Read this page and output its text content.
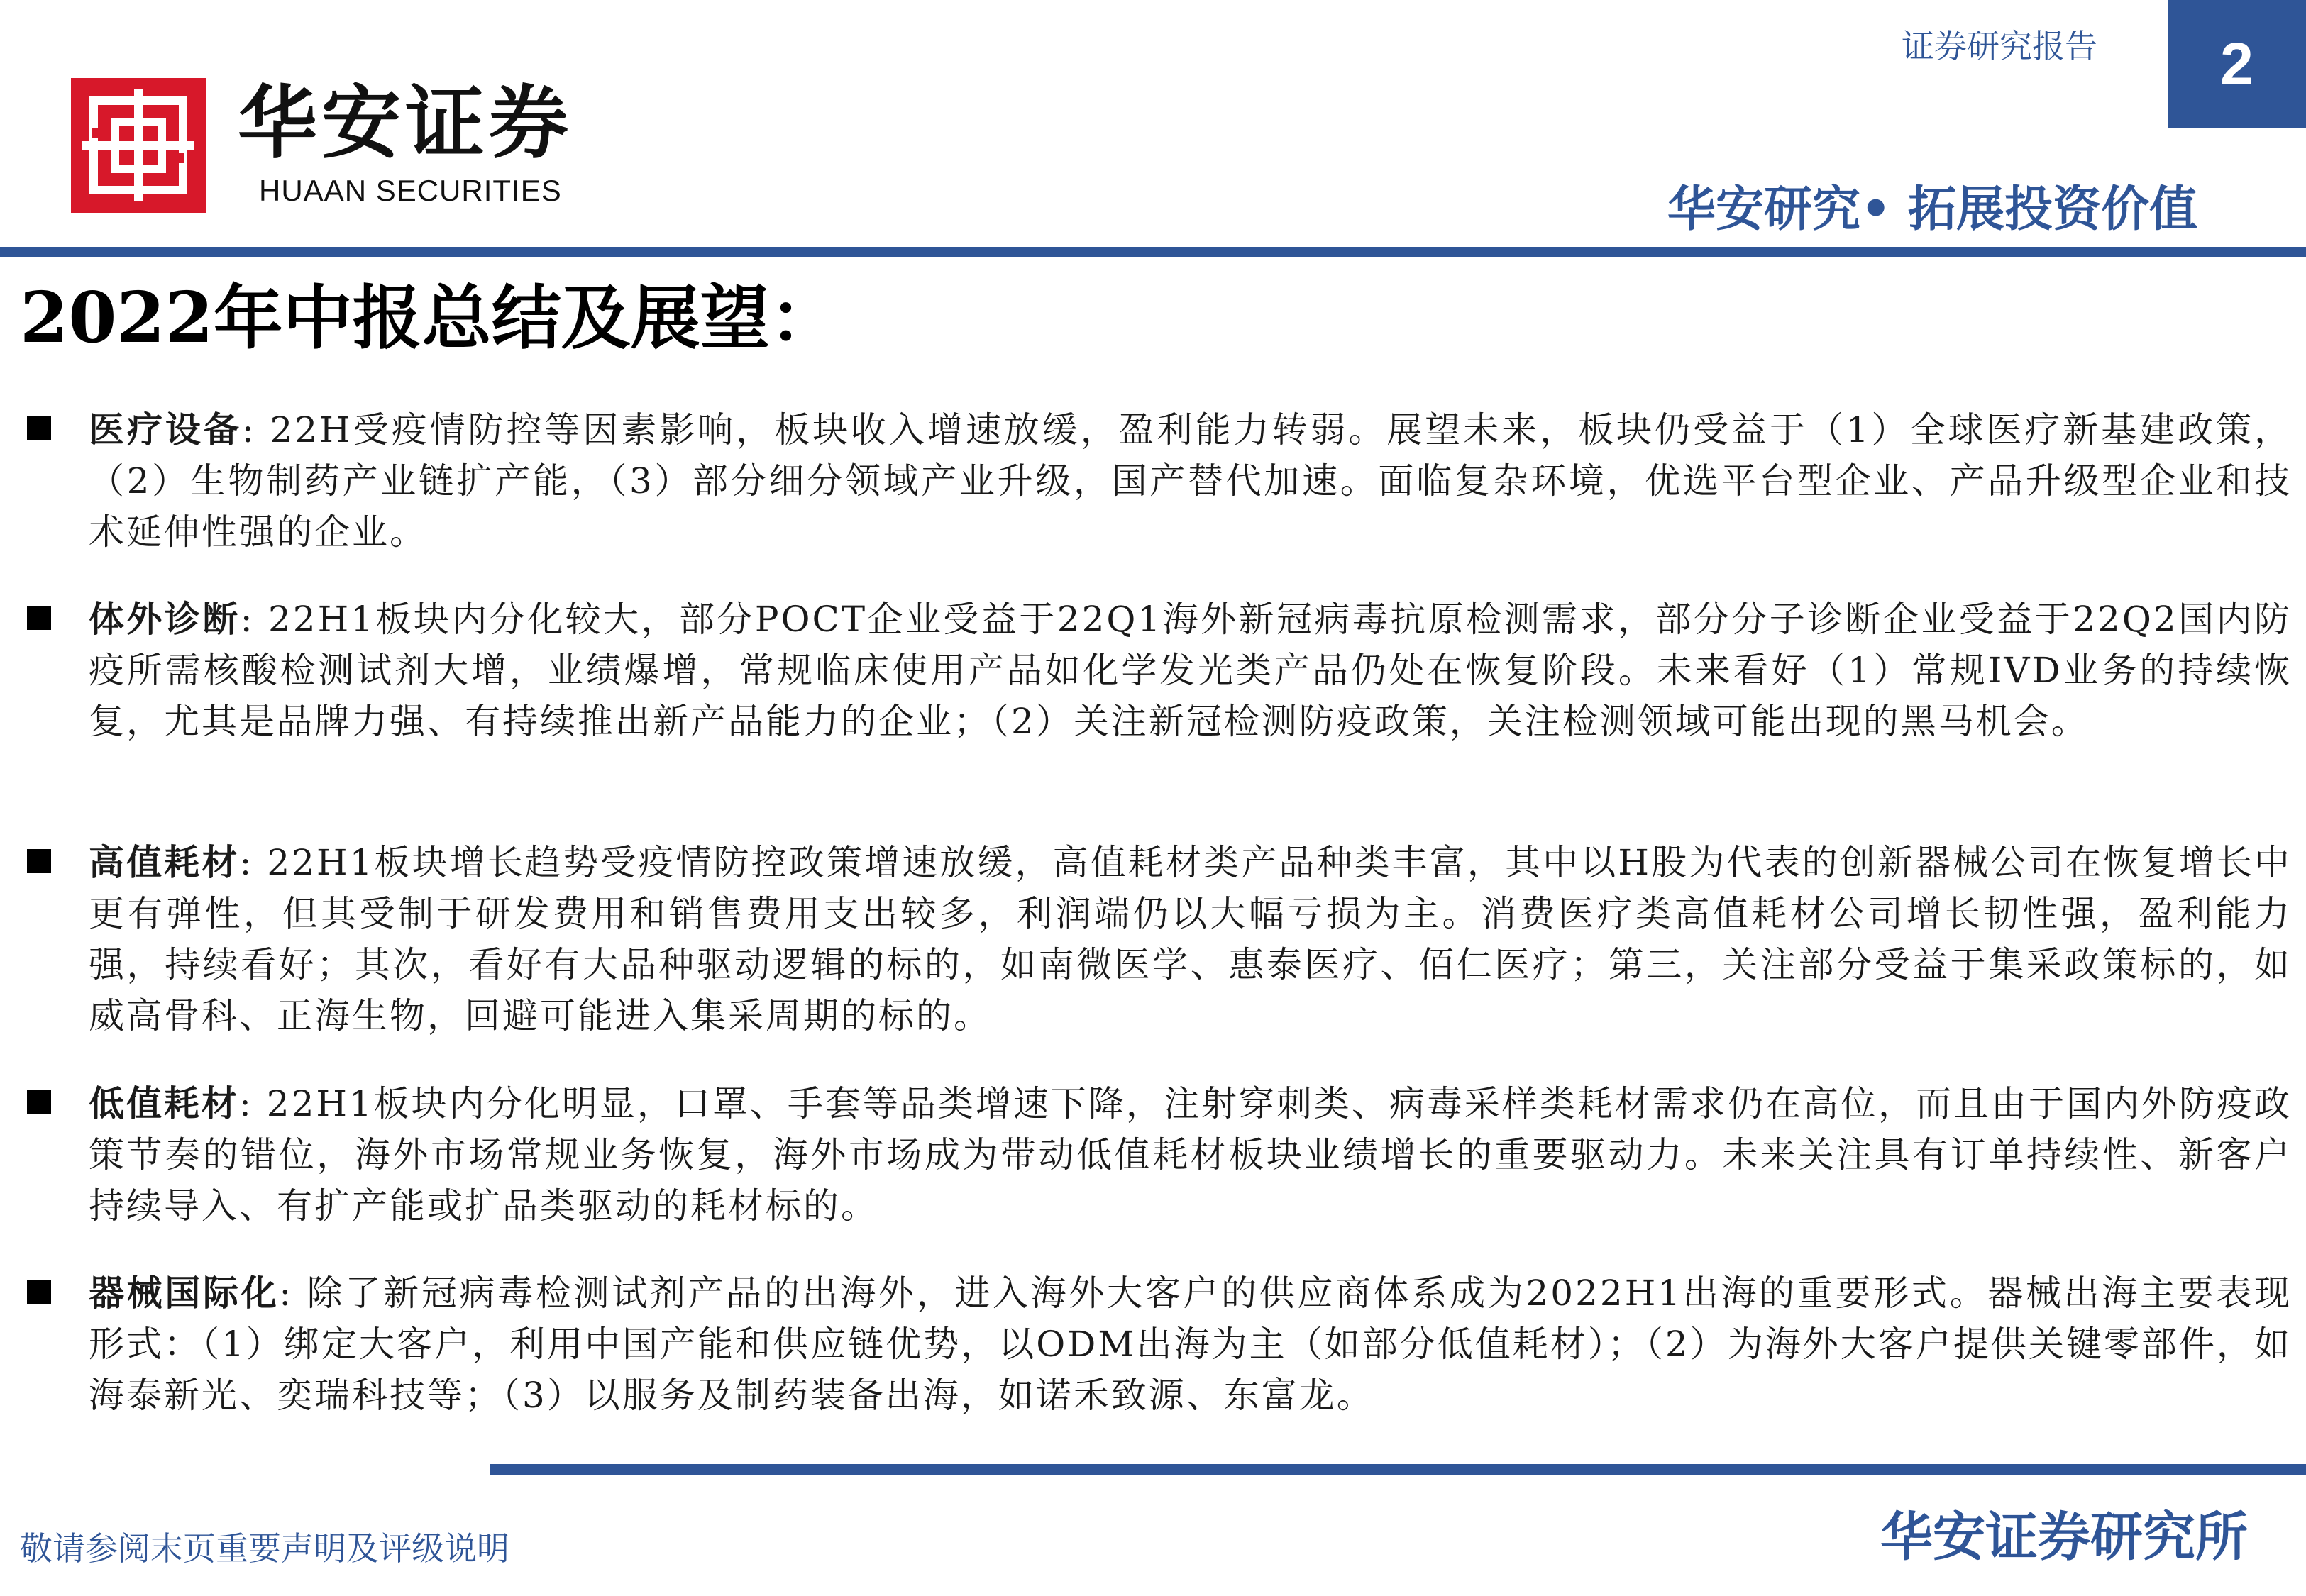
华安证券
HUAAN SECURITIES
证券研究报告 2
华安研究• 拓展投资价值
2022年中报总结及展望：
医疗设备: 22H受疫情防控等因素影响，板块收入增速放缓，盈利能力转弱。展望未来，板块仍受益于（1）全球医疗新基建政策，（2）生物制药产业链扩产能，（3）部分细分领域产业升级，国产替代加速。面临复杂环境，优选平台型企业、产品升级型企业和技术延伸性强的企业。
体外诊断: 22H1板块内分化较大，部分POCT企业受益于22Q1海外新冠病毒抗原检测需求，部分分子诊断企业受益于22Q2国内防疫所需核酸检测试剂大增，业绩爆增，常规临床使用产品如化学发光类产品仍处在恢复阶段。未来看好（1）常规IVD业务的持续恢复，尤其是品牌力强、有持续推出新产品能力的企业；（2）关注新冠检测防疫政策，关注检测领域可能出现的黑马机会。
高值耗材: 22H1板块增长趋势受疫情防控政策增速放缓，高值耗材类产品种类丰富，其中以H股为代表的创新器械公司在恢复增长中更有弹性，但其受制于研发费用和销售费用支出较多，利润端仍以大幅亏损为主。消费医疗类高值耗材公司增长韧性强，盈利能力强，持续看好；其次，看好有大品种驱动逻辑的标的，如南微医学、惠泰医疗、佰仁医疗；第三，关注部分受益于集采政策标的，如威高骨科、正海生物，回避可能进入集采周期的标的。
低值耗材: 22H1板块内分化明显，口罩、手套等品类增速下降，注射穿刺类、病毒采样类耗材需求仍在高位，而且由于国内外防疫政策节奏的错位，海外市场常规业务恢复，海外市场成为带动低值耗材板块业绩增长的重要驱动力。未来关注具有订单持续性、新客户持续导入、有扩产能或扩品类驱动的耗材标的。
器械国际化: 除了新冠病毒检测试剂产品的出海外，进入海外大客户的供应商体系成为2022H1出海的重要形式。器械出海主要表现形式：（1）绑定大客户，利用中国产能和供应链优势，以ODM出海为主（如部分低值耗材）；（2）为海外大客户提供关键零部件，如海泰新光、奕瑞科技等；（3）以服务及制药装备出海，如诺禾致源、东富龙。
敬请参阅末页重要声明及评级说明	华安证券研究所
